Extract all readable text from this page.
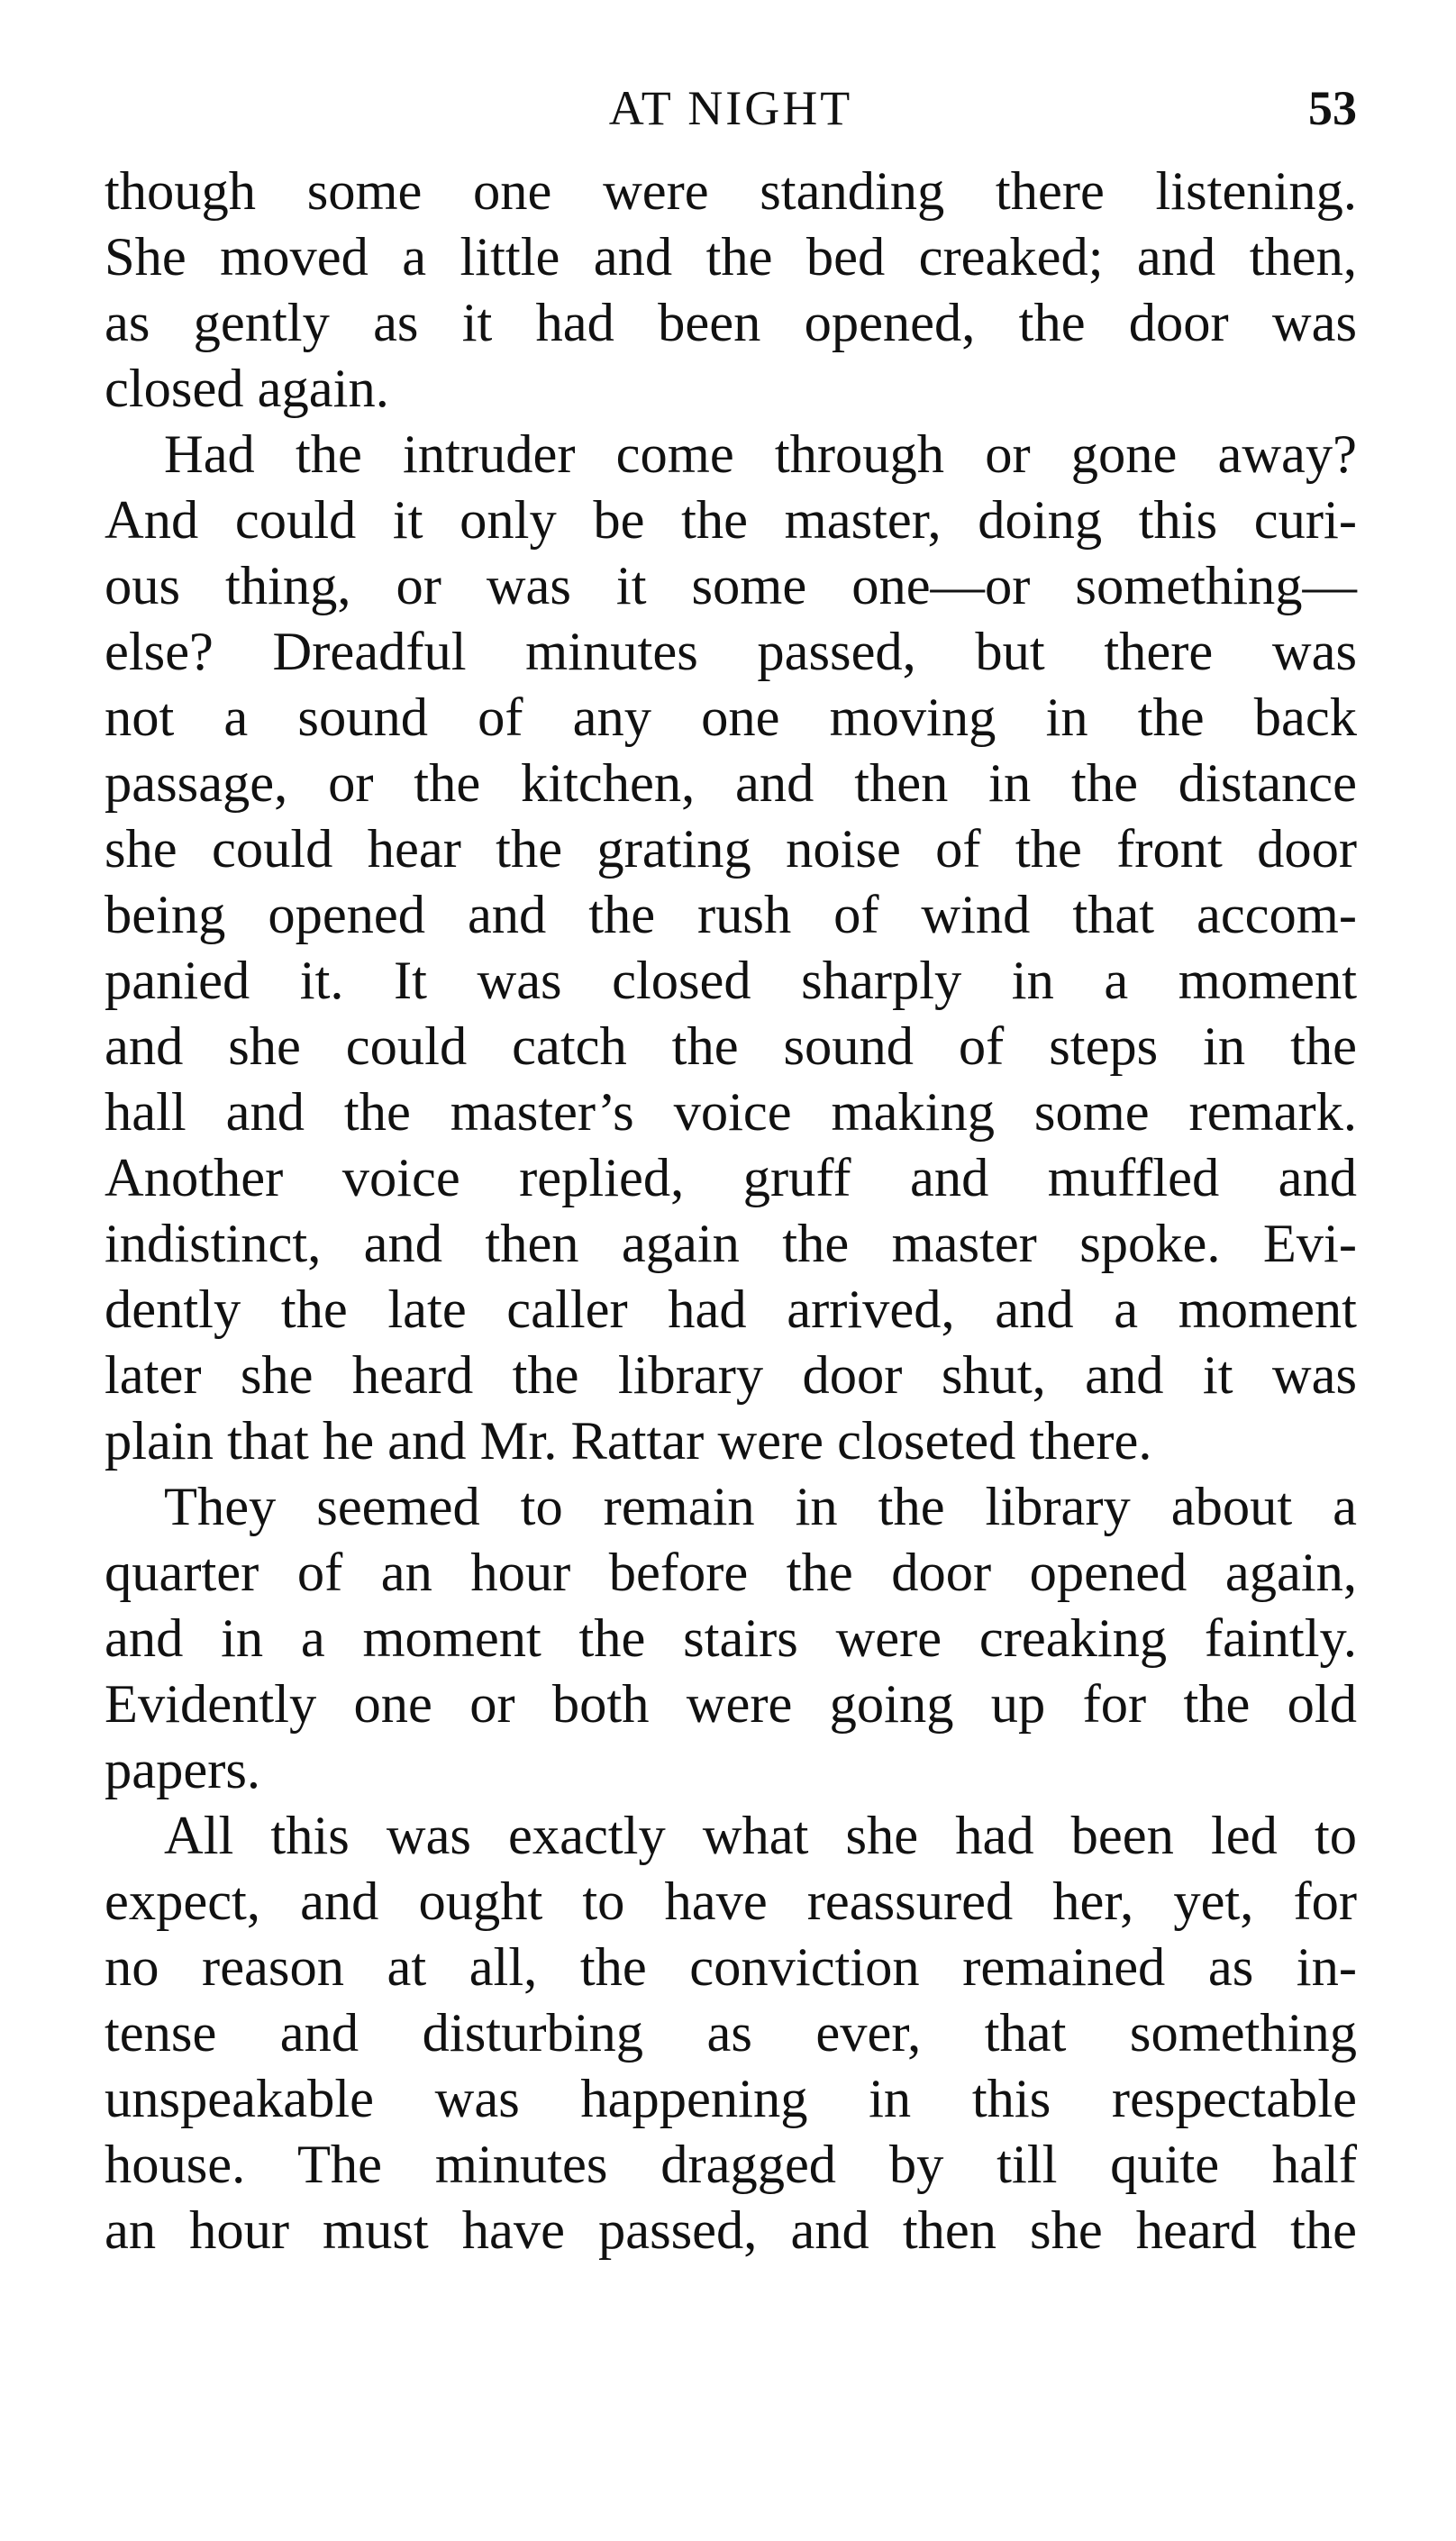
AT NIGHT	53
though some one were standing there listening.
She moved a little and the bed creaked; and then,
as gently as it had been opened, the door was
closed again.
Had the intruder come through or gone away?
And could it only be the master, doing this curi-
ous thing, or was it some one—or something—
else? Dreadful minutes passed, but there was
not a sound of any one moving in the back
passage, or the kitchen, and then in the distance
she could hear the grating noise of the front door
being opened and the rush of wind that accom-
panied it. It was closed sharply in a moment
and she could catch the sound of steps in the
hall and the master’s voice making some remark.
Another voice replied, gruff and muffled and
indistinct, and then again the master spoke. Evi-
dently the late caller had arrived, and a moment
later she heard the library door shut, and it was
plain that he and Mr. Rattar were closeted there.
They seemed to remain in the library about a
quarter of an hour before the door opened again,
and in a moment the stairs were creaking faintly.
Evidently one or both were going up for the old
papers.
All this was exactly what she had been led to
expect, and ought to have reassured her, yet, for
no reason at all, the conviction remained as in-
tense and disturbing as ever, that something
unspeakable was happening in this respectable
house. The minutes dragged by till quite half
an hour must have passed, and then she heard the
